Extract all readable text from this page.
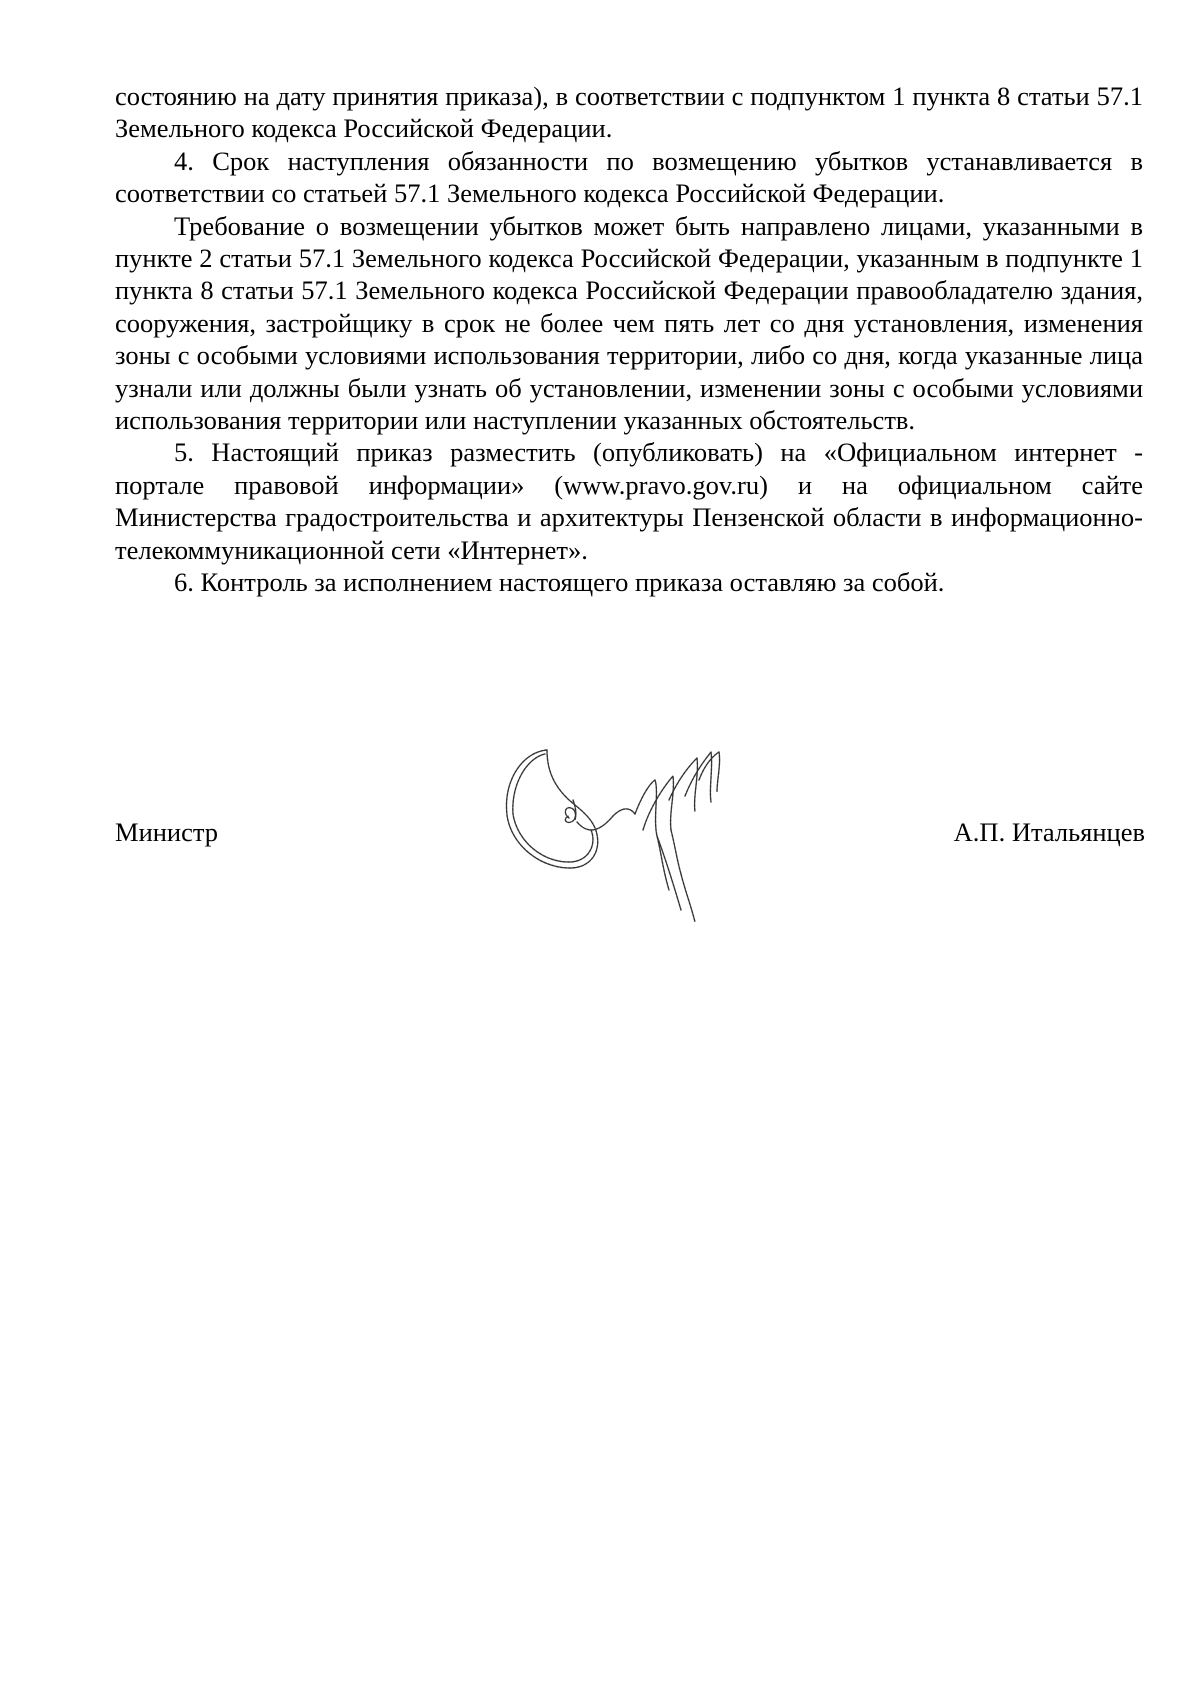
состоянию на дату принятия приказа), в соответствии с подпунктом 1 пункта 8 статьи 57.1 Земельного кодекса Российской Федерации.

4. Срок наступления обязанности по возмещению убытков устанавливается в соответствии со статьей 57.1 Земельного кодекса Российской Федерации.

Требование о возмещении убытков может быть направлено лицами, указанными в пункте 2 статьи 57.1 Земельного кодекса Российской Федерации, указанным в подпункте 1 пункта 8 статьи 57.1 Земельного кодекса Российской Федерации правообладателю здания, сооружения, застройщику в срок не более чем пять лет со дня установления, изменения зоны с особыми условиями использования территории, либо со дня, когда указанные лица узнали или должны были узнать об установлении, изменении зоны с особыми условиями использования территории или наступлении указанных обстоятельств.

5. Настоящий приказ разместить (опубликовать) на «Официальном интернет - портале правовой информации» (www.pravo.gov.ru) и на официальном сайте Министерства градостроительства и архитектуры Пензенской области в информационно-телекоммуникационной сети «Интернет».

6. Контроль за исполнением настоящего приказа оставляю за собой.

Министр	А.П. Итальянцев
